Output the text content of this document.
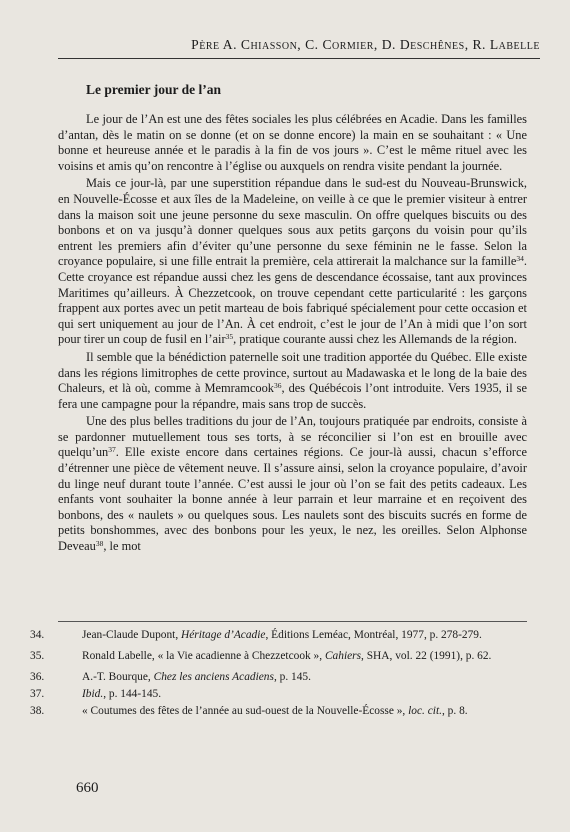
Père A. Chiasson, C. Cormier, D. Deschênes, R. Labelle
Le premier jour de l’an

Le jour de l’An est une des fêtes sociales les plus célébrées en Acadie. Dans les familles d’antan, dès le matin on se donne (et on se donne encore) la main en se souhaitant : « Une bonne et heureuse année et le paradis à la fin de vos jours ». C’est le même rituel avec les voisins et amis qu’on rencontre à l’église ou auxquels on rendra visite pendant la journée.

Mais ce jour-là, par une superstition répandue dans le sud-est du Nouveau-Brunswick, en Nouvelle-Écosse et aux îles de la Madeleine, on veille à ce que le premier visiteur à entrer dans la maison soit une jeune personne du sexe masculin. On offre quelques biscuits ou des bonbons et on va jusqu’à donner quelques sous aux petits garçons du voisin pour qu’ils entrent les premiers afin d’éviter qu’une personne du sexe féminin ne le fasse. Selon la croyance populaire, si une fille entrait la première, cela attirerait la malchance sur la famille$^{34}$. Cette croyance est répandue aussi chez les gens de descendance écossaise, tant aux provinces Maritimes qu’ailleurs. À Chezzetcook, on trouve cependant cette particularité : les garçons frappent aux portes avec un petit marteau de bois fabriqué spécialement pour cette occasion et qui sert uniquement au jour de l’An. À cet endroit, c’est le jour de l’An à midi que l’on sort pour tirer un coup de fusil en l’air$^{35}$, pratique courante aussi chez les Allemands de la région.

Il semble que la bénédiction paternelle soit une tradition apportée du Québec. Elle existe dans les régions limitrophes de cette province, surtout au Madawaska et le long de la baie des Chaleurs, et là où, comme à Memramcook$^{36}$, des Québécois l’ont introduite. Vers 1935, il se fera une campagne pour la répandre, mais sans trop de succès.

Une des plus belles traditions du jour de l’An, toujours pratiquée par endroits, consiste à se pardonner mutuellement tous ses torts, à se réconcilier si l’on est en brouille avec $quelqu’un^{37}$. Elle existe encore dans certaines régions. Ce jour-là aussi, chacun s’efforce d’étrenner une pièce de vêtement neuve. Il s’assure ainsi, selon la croyance populaire, d’avoir du linge neuf durant toute l’année. C’est aussi le jour où l’on se fait des petits cadeaux. Les enfants vont souhaiter la bonne année à leur parrain et leur marraine et en reçoivent des bonbons, des « naulets » ou quelques sous. Les naulets sont des biscuits sucrés en forme de petits bonshommes, avec des bonbons pour les yeux, le nez, les oreilles. Selon Alphonse Deveau$^{38}$, le mot

34.	Jean-Claude Dupont, Héritage d’Acadie, Éditions Leméac, Montréal, 1977, p. 278-279.
35.	Ronald Labelle, « la Vie acadienne à Chezzetcook », Cahiers, SHA, vol. 22 (1991), p. 62.
36.	A.-T. Bourque, Chez les anciens Acadiens, p. 145.
37.	Ibid., p. 144-145.
38.	« Coutumes des fêtes de l’année au sud-ouest de la Nouvelle-Écosse », loc. cit., p. 8.
660
